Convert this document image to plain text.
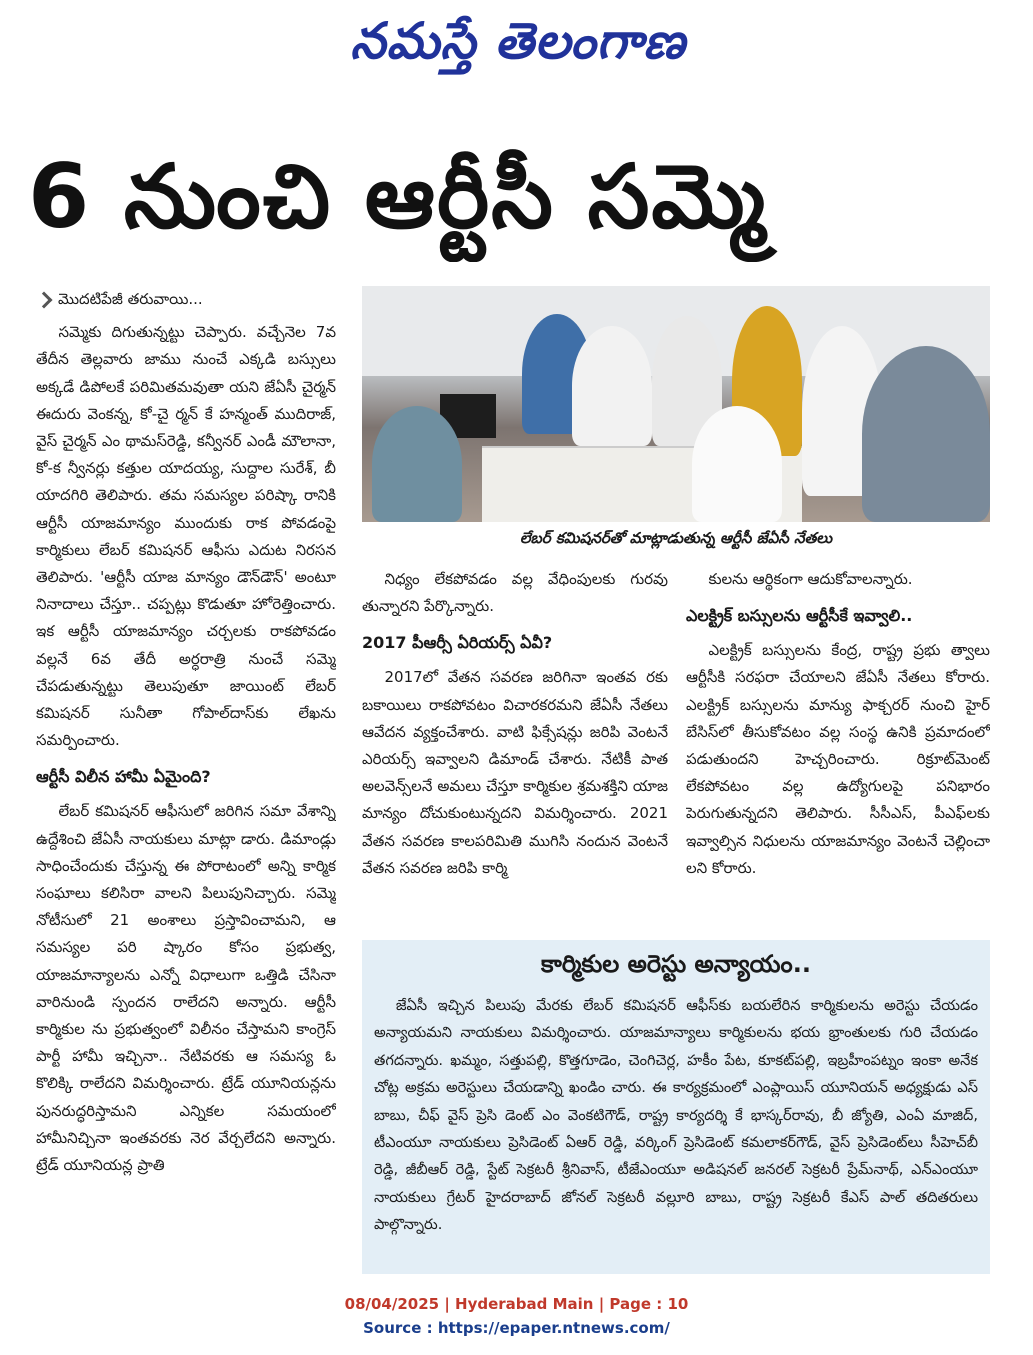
నమస్తే తెలంగాణ
6 నుంచి ఆర్టీసీ సమ్మె
మొదటిపేజీ తరువాయి...

సమ్మెకు దిగుతున్నట్టు చెప్పారు. వచ్చేనెల 7వ తేదీన తెల్లవారు జాము నుంచే ఎక్కడి బస్సులు అక్కడే డిపోలకే పరిమితమవుతా యని జేఏసీ చైర్మన్ ఈదురు వెంకన్న, కో-చై ర్మన్ కే హన్మంత్ ముదిరాజ్, వైస్ చైర్మన్ ఎం థామస్‌రెడ్డి, కన్వీనర్ ఎండీ మౌలానా, కో-క న్వీనర్లు కత్తుల యాదయ్య, సుద్దాల సురేశ్, బీ యాదగిరి తెలిపారు. తమ సమస్యల పరిష్కా రానికి ఆర్టీసీ యాజమాన్యం ముందుకు రాక పోవడంపై కార్మికులు లేబర్ కమిషనర్ ఆఫీసు ఎదుట నిరసన తెలిపారు. 'ఆర్టీసీ యాజ మాన్యం డౌన్‌డౌన్' అంటూ నినాదాలు చేస్తూ.. చప్పట్లు కొడుతూ హోరెత్తించారు. ఇక ఆర్టీసీ యాజమాన్యం చర్చలకు రాకపోవడం వల్లనే 6వ తేదీ అర్ధరాత్రి నుంచే సమ్మె చేపడుతున్నట్టు తెలుపుతూ జాయింట్ లేబర్ కమిషనర్ సునీతా గోపాల్‌దాస్‌కు లేఖను సమర్పించారు.

ఆర్టీసీ విలీన హామీ ఏమైంది?

లేబర్ కమిషనర్ ఆఫీసులో జరిగిన సమా వేశాన్ని ఉద్దేశించి జేఏసీ నాయకులు మాట్లా డారు. డిమాండ్లు సాధించేందుకు చేస్తున్న ఈ పోరాటంలో అన్ని కార్మిక సంఘాలు కలిసిరా వాలని పిలుపునిచ్చారు. సమ్మె నోటీసులో 21 అంశాలు ప్రస్తావించామని, ఆ సమస్యల పరి ష్కారం కోసం ప్రభుత్వ, యాజమాన్యాలను ఎన్నో విధాలుగా ఒత్తిడి చేసినా వారినుండి స్పందన రాలేదని అన్నారు. ఆర్టీసీ కార్మికుల ను ప్రభుత్వంలో విలీనం చేస్తామని కాంగ్రెస్ పార్టీ హామీ ఇచ్చినా.. నేటివరకు ఆ సమస్య ఓ కొలిక్కి రాలేదని విమర్శించారు. ట్రేడ్ యూనియన్లను పునరుద్ధరిస్తామని ఎన్నికల సమయంలో హామీనిచ్చినా ఇంతవరకు నెర వేర్చలేదని అన్నారు. ట్రేడ్ యూనియన్ల ప్రాతి

లేబర్ కమిషనర్‌తో మాట్లాడుతున్న ఆర్టీసీ జేఏసీ నేతలు

నిధ్యం లేకపోవడం వల్ల వేధింపులకు గురవు తున్నారని పేర్కొన్నారు.

2017 పీఆర్సీ ఏరియర్స్ ఏవీ?

2017లో వేతన సవరణ జరిగినా ఇంతవ రకు బకాయిలు రాకపోవటం విచారకరమని జేఏసీ నేతలు ఆవేదన వ్యక్తంచేశారు. వాటి ఫిక్సేషన్లు జరిపి వెంటనే ఎరియర్స్ ఇవ్వాలని డిమాండ్ చేశారు. నేటికీ పాత అలవెన్స్‌లనే అమలు చేస్తూ కార్మికుల శ్రమశక్తిని యాజ మాన్యం దోచుకుంటున్నదని విమర్శించారు. 2021 వేతన సవరణ కాలపరిమితి ముగిసి నందున వెంటనే వేతన సవరణ జరిపి కార్మి

కులను ఆర్థికంగా ఆదుకోవాలన్నారు.

ఎలక్ట్రిక్ బస్సులను ఆర్టీసీకే ఇవ్వాలి..

ఎలక్ట్రిక్ బస్సులను కేంద్ర, రాష్ట్ర ప్రభు త్వాలు ఆర్టీసీకి సరఫరా చేయాలని జేఏసీ నేతలు కోరారు. ఎలక్ట్రిక్ బస్సులను మాన్యు ఫాక్చరర్ నుంచి హైర్ బేసిస్‌లో తీసుకోవటం వల్ల సంస్థ ఉనికి ప్రమాదంలో పడుతుందని హెచ్చరించారు. రిక్రూట్‌మెంట్ లేకపోవటం వల్ల ఉద్యోగులపై పనిభారం పెరుగుతున్నదని తెలిపారు. సీసీఎస్, పీఎఫ్‌లకు ఇవ్వాల్సిన నిధులను యాజమాన్యం వెంటనే చెల్లించా లని కోరారు.

కార్మికుల అరెస్టు అన్యాయం..
జేఏసీ ఇచ్చిన పిలుపు మేరకు లేబర్ కమిషనర్ ఆఫీస్‌కు బయలేరిన కార్మికులను అరెస్టు చేయడం అన్యాయమని నాయకులు విమర్శించారు. యాజమాన్యాలు కార్మికులను భయ భ్రాంతులకు గురి చేయడం తగదన్నారు. ఖమ్మం, సత్తుపల్లి, కొత్తగూడెం, చెంగిచెర్ల, హకీం పేట, కూకట్‌పల్లి, ఇబ్రహీంపట్నం ఇంకా అనేక చోట్ల అక్రమ అరెస్టులు చేయడాన్ని ఖండిం చారు. ఈ కార్యక్రమంలో ఎంప్లాయిస్ యూనియన్ అధ్యక్షుడు ఎస్ బాబు, చీఫ్ వైస్ ప్రెసి డెంట్ ఎం వెంకటిగౌడ్, రాష్ట్ర కార్యదర్శి కే భాస్కర్‌రావు, బీ జ్యోతి, ఎంఏ మాజిద్, టీఎంయూ నాయకులు ప్రెసిడెంట్ ఏఆర్ రెడ్డి, వర్కింగ్ ప్రెసిడెంట్ కమలాకర్‌గౌడ్, వైస్ ప్రెసిడెంట్‌లు సీహెచ్‌బీ రెడ్డి, జీబీఆర్ రెడ్డి, స్టేట్ సెక్రటరీ శ్రీనివాస్, టీజేఎంయూ అడిషనల్ జనరల్ సెక్రటరీ ప్రేమ్‌నాథ్, ఎన్ఎంయూ నాయకులు గ్రేటర్ హైదరాబాద్ జోనల్ సెక్రటరీ వల్లూరి బాబు, రాష్ట్ర సెక్రటరీ కేఎస్ పాల్ తదితరులు పాల్గొన్నారు.
08/04/2025 | Hyderabad Main | Page : 10
Source : https://epaper.ntnews.com/
